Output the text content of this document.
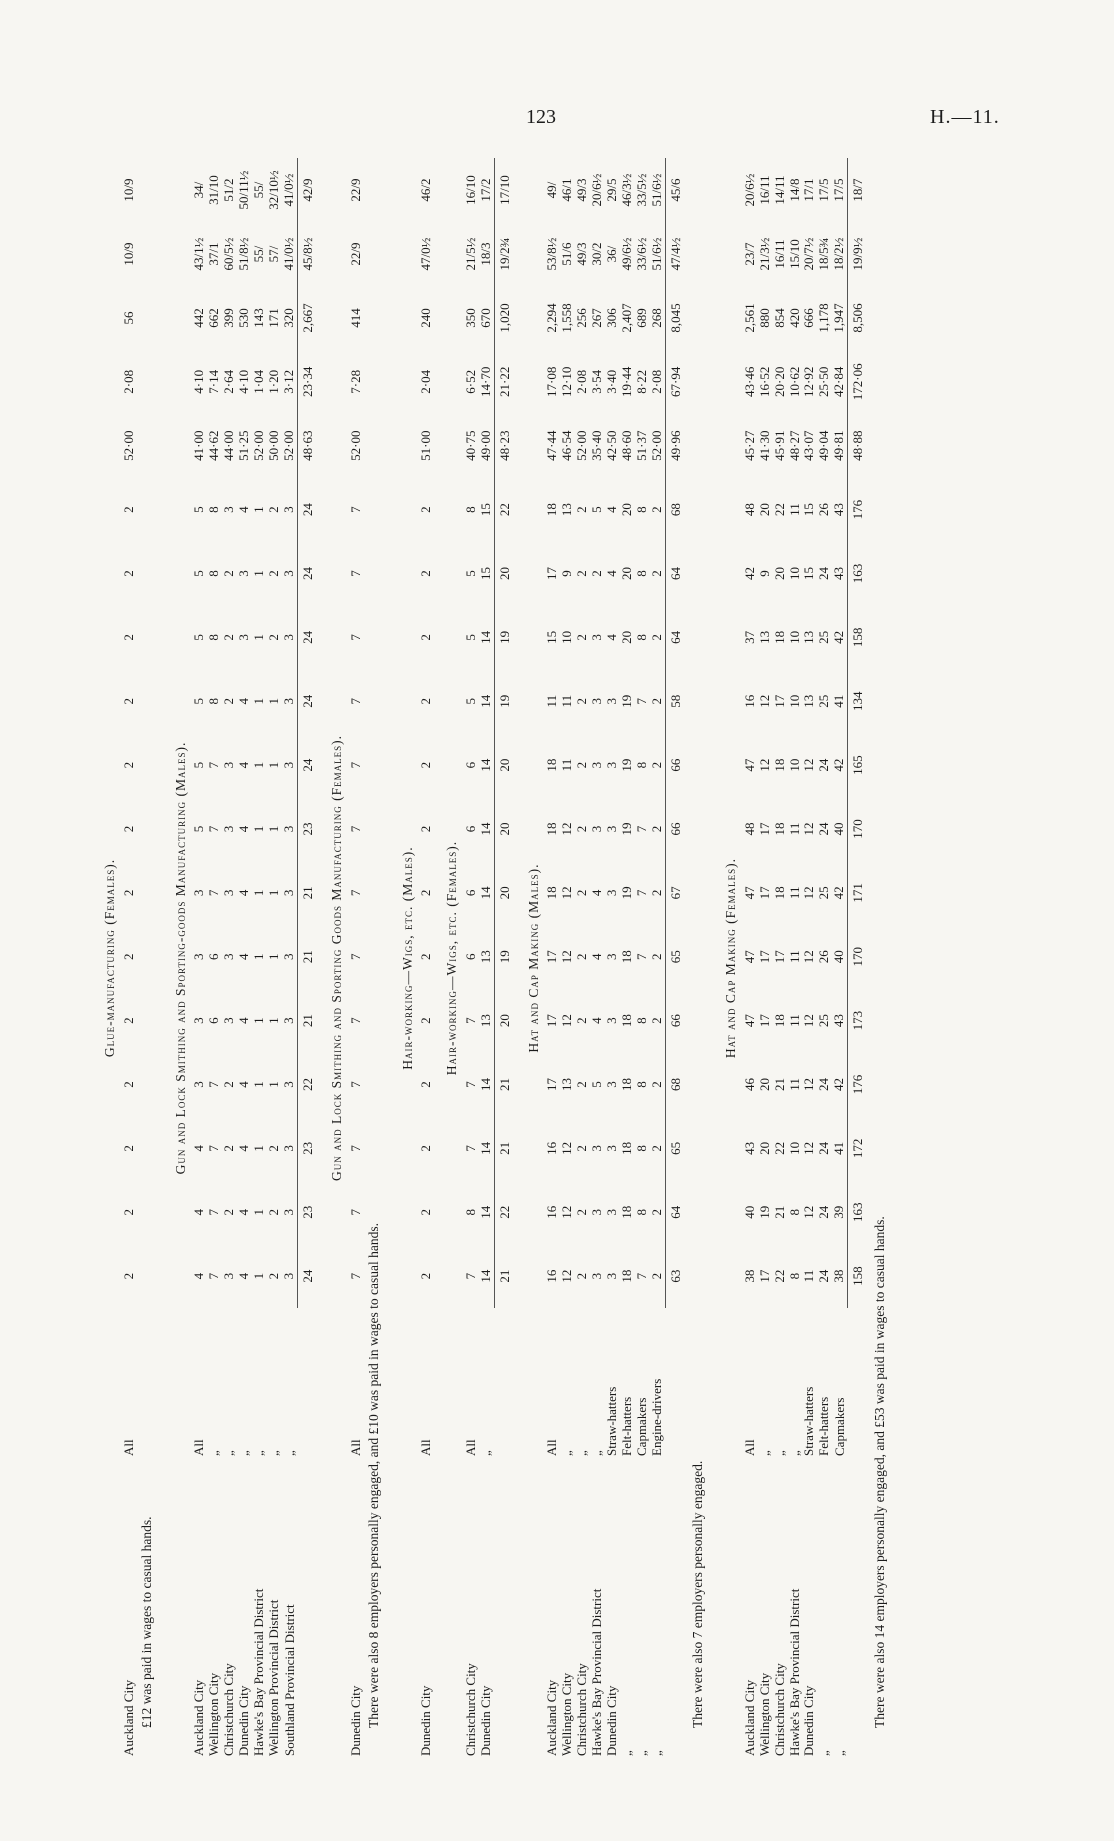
123	H.—11.
Glue-manufacturing (Females).																			
Auckland City	All	2	2	2	2	2	2	2	2	2	2	2	2	2	52·00	2·08	56	10/9	10/9
£12 was paid in wages to casual hands.																			
Gun and Lock Smithing and Sporting-goods Manufacturing (Males).																			
Auckland City	All	4	4	4	3	3	3	3	5	5	5	5	5	5	41·00	4·10	442	43/1½	34/
Wellington City	„	7	7	7	7	6	6	7	7	7	8	8	8	8	44·62	7·14	662	37/1	31/10
Christchurch City	„	3	2	2	2	3	3	3	3	3	2	2	2	3	44·00	2·64	399	60/5½	51/2
Dunedin City	„	4	4	4	4	4	4	4	4	4	4	3	3	4	51·25	4·10	530	51/8½	50/11½
Hawke's Bay Provincial District	„	1	1	1	1	1	1	1	1	1	1	1	1	1	52·00	1·04	143	55/	55/
Wellington Provincial District	„	2	2	2	1	1	1	1	1	1	1	2	2	2	50·00	1·20	171	57/	32/10½
Southland Provincial District	„	3	3	3	3	3	3	3	3	3	3	3	3	3	52·00	3·12	320	41/0½	41/0½
		24	23	23	22	21	21	21	23	24	24	24	24	24	48·63	23·34	2,667	45/8½	42/9
Gun and Lock Smithing and Sporting Goods Manufacturing (Females).																			
Dunedin City	All	7	7	7	7	7	7	7	7	7	7	7	7	7	52·00	7·28	414	22/9	22/9
There were also 8 employers personally engaged, and £10 was paid in wages to casual hands.																			
Hair-working—Wigs, etc. (Males).																			
Dunedin City	All	2	2	2	2	2	2	2	2	2	2	2	2	2	51·00	2·04	240	47/0½	46/2
Hair-working—Wigs, etc. (Females).																			
Christchurch City	All	7	8	7	7	7	6	6	6	6	5	5	5	8	40·75	6·52	350	21/5½	16/10
Dunedin City	„	14	14	14	14	13	13	14	14	14	14	14	15	15	49·00	14·70	670	18/3	17/2
		21	22	21	21	20	19	20	20	20	19	19	20	22	48·23	21·22	1,020	19/2¾	17/10
Hat and Cap Making (Males).																			
Auckland City	All	16	16	16	17	17	17	18	18	18	11	15	17	18	47·44	17·08	2,294	53/8½	49/
Wellington City	„	12	12	12	13	12	12	12	12	11	11	10	9	13	46·54	12·10	1,558	51/6	46/1
Christchurch City	„	2	2	2	2	2	2	2	2	2	2	2	2	2	52·00	2·08	256	49/3	49/3
Hawke's Bay Provincial District	„	3	3	3	5	4	4	4	3	3	3	3	2	5	35·40	3·54	267	30/2	20/6½
Dunedin City	Straw-hatters	3	3	3	3	3	3	3	3	3	3	4	4	4	42·50	3·40	306	36/	29/5
„	Felt-hatters	18	18	18	18	18	18	19	19	19	19	20	20	20	48·60	19·44	2,407	49/6½	46/3½
„	Capmakers	7	8	8	8	8	7	7	7	8	7	8	8	8	51·37	8·22	689	33/6½	33/5½
„	Engine-drivers	2	2	2	2	2	2	2	2	2	2	2	2	2	52·00	2·08	268	51/6½	51/6½
		63	64	65	68	66	65	67	66	66	58	64	64	68	49·96	67·94	8,045	47/4½	45/6
There were also 7 employers personally engaged.																			
Hat and Cap Making (Females).																			
Auckland City	All	38	40	43	46	47	47	47	48	47	16	37	42	48	45·27	43·46	2,561	23/7	20/6½
Wellington City	„	17	19	20	20	17	17	17	17	12	12	13	9	20	41·30	16·52	880	21/3½	16/11
Christchurch City	„	22	21	22	21	18	17	18	18	18	17	18	20	22	45·91	20·20	854	16/11	14/11
Hawke's Bay Provincial District	„	8	8	10	11	11	11	11	11	10	10	10	10	11	48·27	10·62	420	15/10	14/8
Dunedin City	Straw-hatters	11	12	12	12	12	12	12	12	12	13	13	15	15	43·07	12·92	666	20/7½	17/1
„	Felt-hatters	24	24	24	24	25	26	25	24	24	25	25	24	26	49·04	25·50	1,178	18/5¾	17/5
„	Capmakers	38	39	41	42	43	40	42	40	42	41	42	43	43	49·81	42·84	1,947	18/2½	17/5
		158	163	172	176	173	170	171	170	165	134	158	163	176	48·88	172·06	8,506	19/9½	18/7
There were also 14 employers personally engaged, and £53 was paid in wages to casual hands.																			
